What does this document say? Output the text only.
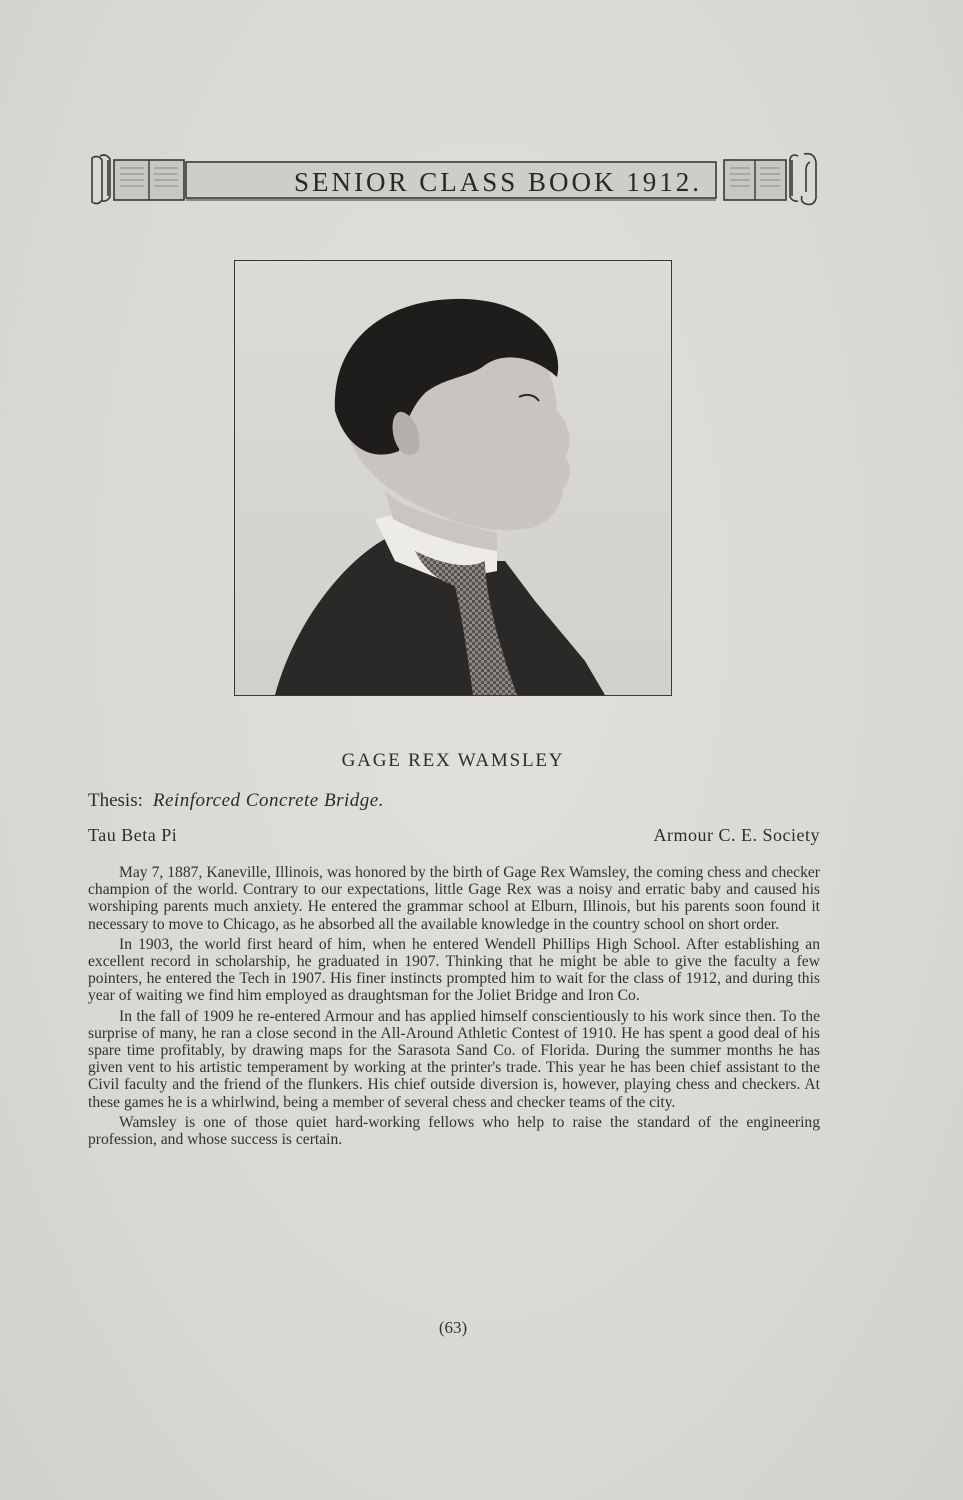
SENIOR CLASS BOOK 1912.
GAGE REX WAMSLEY
Thesis: Reinforced Concrete Bridge.
Tau Beta Pi	Armour C. E. Society

May 7, 1887, Kaneville, Illinois, was honored by the birth of Gage Rex Wamsley, the coming chess and checker champion of the world. Contrary to our expectations, little Gage Rex was a noisy and erratic baby and caused his worshiping parents much anxiety. He entered the grammar school at Elburn, Illinois, but his parents soon found it necessary to move to Chicago, as he absorbed all the available knowledge in the country school on short order.

In 1903, the world first heard of him, when he entered Wendell Phillips High School. After establishing an excellent record in scholarship, he graduated in 1907. Thinking that he might be able to give the faculty a few pointers, he entered the Tech in 1907. His finer instincts prompted him to wait for the class of 1912, and during this year of waiting we find him employed as draughtsman for the Joliet Bridge and Iron Co.

In the fall of 1909 he re-entered Armour and has applied himself conscientiously to his work since then. To the surprise of many, he ran a close second in the All-Around Athletic Contest of 1910. He has spent a good deal of his spare time profitably, by drawing maps for the Sarasota Sand Co. of Florida. During the summer months he has given vent to his artistic temperament by working at the printer's trade. This year he has been chief assistant to the Civil faculty and the friend of the flunkers. His chief outside diversion is, however, playing chess and checkers. At these games he is a whirlwind, being a member of several chess and checker teams of the city.

Wamsley is one of those quiet hard-working fellows who help to raise the standard of the engineering profession, and whose success is certain.

(63)
